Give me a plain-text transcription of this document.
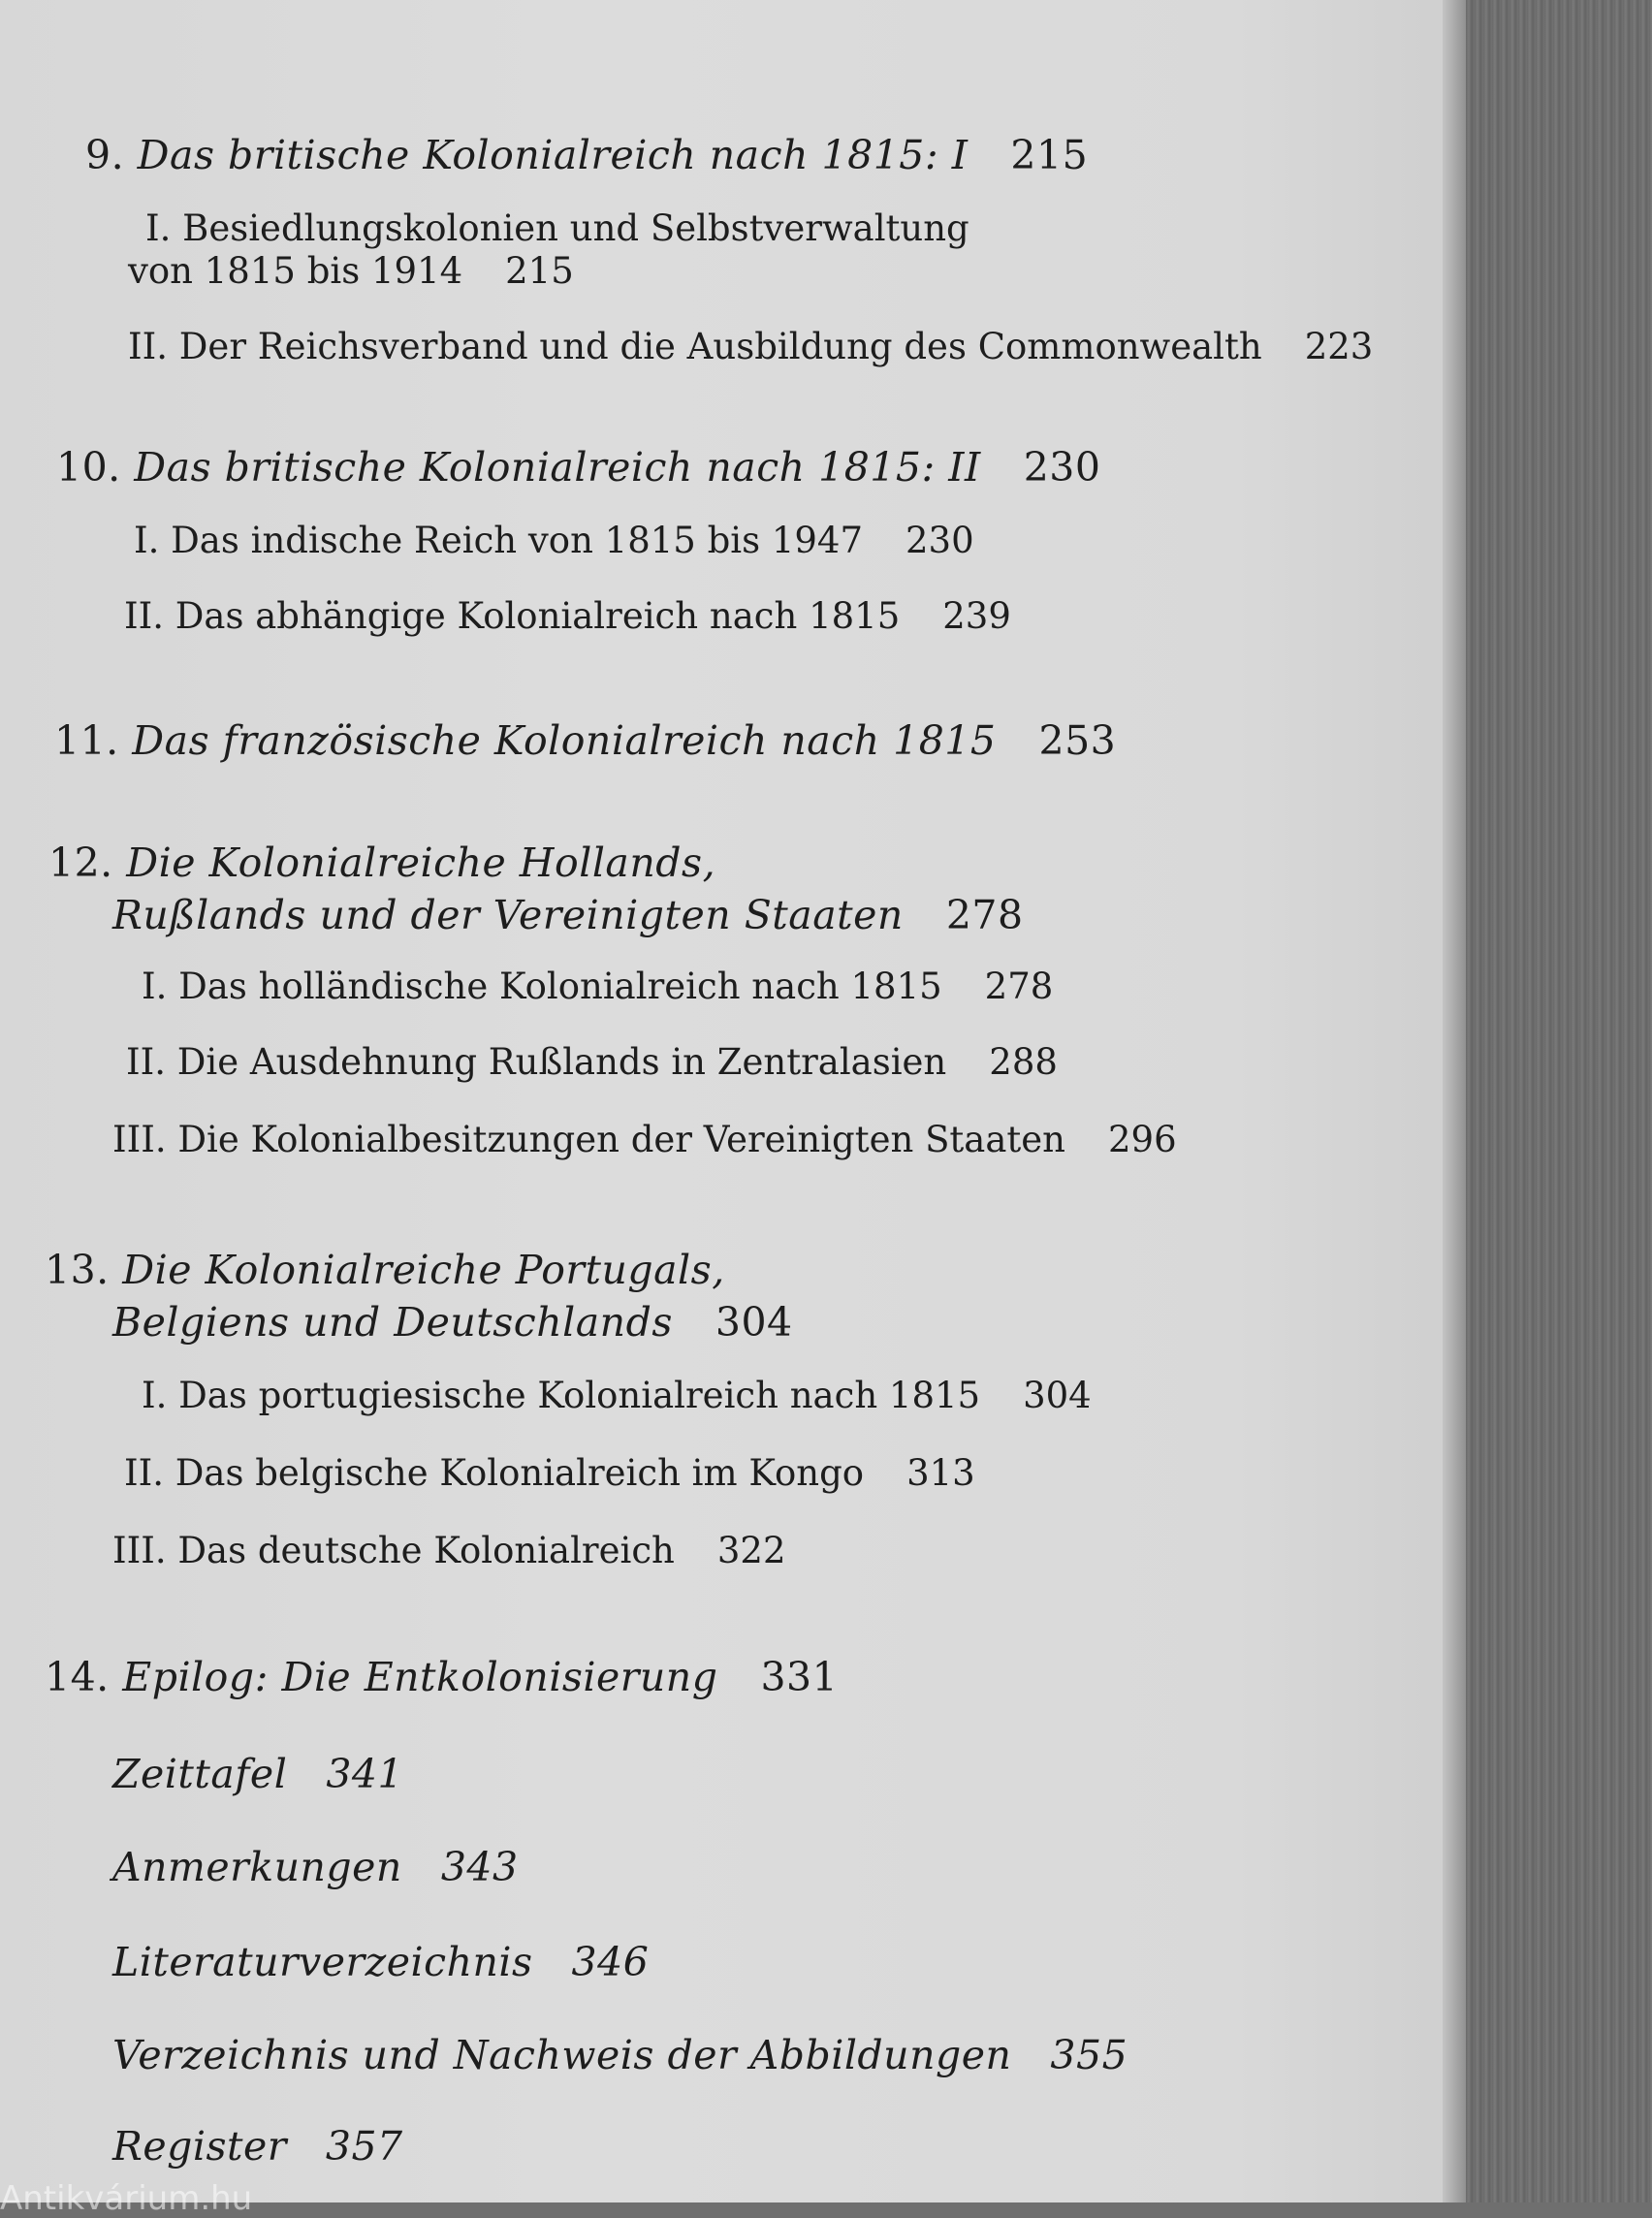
9. Das britische Kolonialreich nach 1815: I 215
I. Besiedlungskolonien und Selbstverwaltung
von 1815 bis 1914 215
II. Der Reichsverband und die Ausbildung des Commonwealth 223
10. Das britische Kolonialreich nach 1815: II 230
I. Das indische Reich von 1815 bis 1947 230
II. Das abhängige Kolonialreich nach 1815 239
11. Das französische Kolonialreich nach 1815 253
12. Die Kolonialreiche Hollands,
Rußlands und der Vereinigten Staaten 278
I. Das holländische Kolonialreich nach 1815 278
II. Die Ausdehnung Rußlands in Zentralasien 288
III. Die Kolonialbesitzungen der Vereinigten Staaten 296
13. Die Kolonialreiche Portugals,
Belgiens und Deutschlands 304
I. Das portugiesische Kolonialreich nach 1815 304
II. Das belgische Kolonialreich im Kongo 313
III. Das deutsche Kolonialreich 322
14. Epilog: Die Entkolonisierung 331
Zeittafel 341
Anmerkungen 343
Literaturverzeichnis 346
Verzeichnis und Nachweis der Abbildungen 355
Register 357
Antikvárium.hu
